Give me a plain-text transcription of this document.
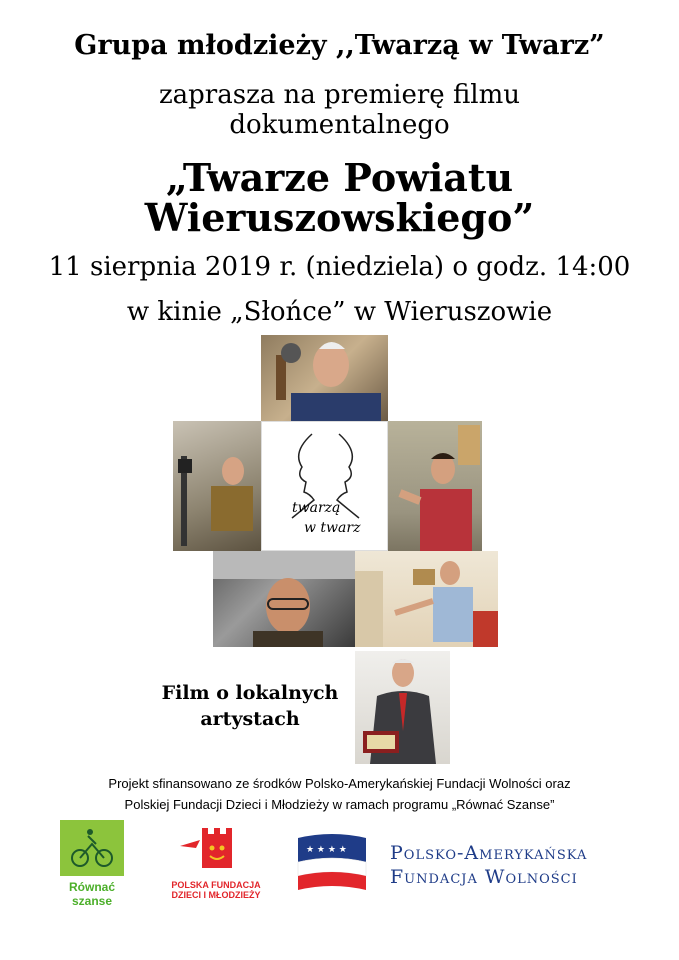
Grupa młodzieży ,,Twarzą w Twarz”
zaprasza na premierę filmu
dokumentalnego
„Twarze Powiatu
Wieruszowskiego”
11 sierpnia 2019 r. (niedziela) o godz. 14:00
w kinie „Słońce” w Wieruszowie
twarzą
w twarz
Film o lokalnych
artystach
Projekt sfinansowano ze środków Polsko-Amerykańskiej Fundacji Wolności oraz
Polskiej Fundacji Dzieci i Młodzieży w ramach programu „Równać Szanse”
Równać
szanse
POLSKA FUNDACJA
DZIECI I MŁODZIEŻY
★ ★ ★ ★ Polsko-Amerykańska
Fundacja Wolności
